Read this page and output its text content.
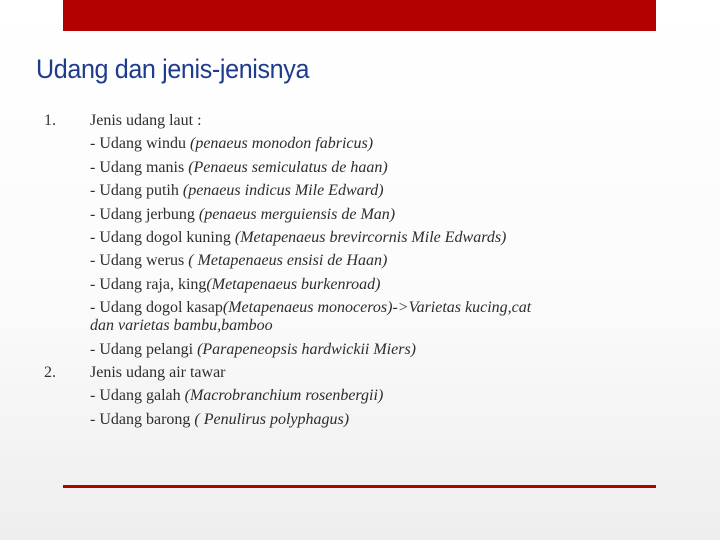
Udang dan jenis-jenisnya
1.	Jenis udang laut :
- Udang windu (penaeus monodon fabricus)
- Udang manis (Penaeus semiculatus de haan)
- Udang putih (penaeus indicus Mile Edward)
- Udang jerbung (penaeus merguiensis de Man)
- Udang dogol kuning (Metapenaeus brevircornis Mile Edwards)
- Udang werus ( Metapenaeus ensisi de Haan)
- Udang raja, king(Metapenaeus burkenroad)
- Udang dogol kasap(Metapenaeus monoceros)->Varietas kucing,cat
dan varietas bambu,bamboo
- Udang pelangi (Parapeneopsis hardwickii Miers)
2.	Jenis udang air tawar
- Udang galah (Macrobranchium rosenbergii)
- Udang barong ( Penulirus polyphagus)
